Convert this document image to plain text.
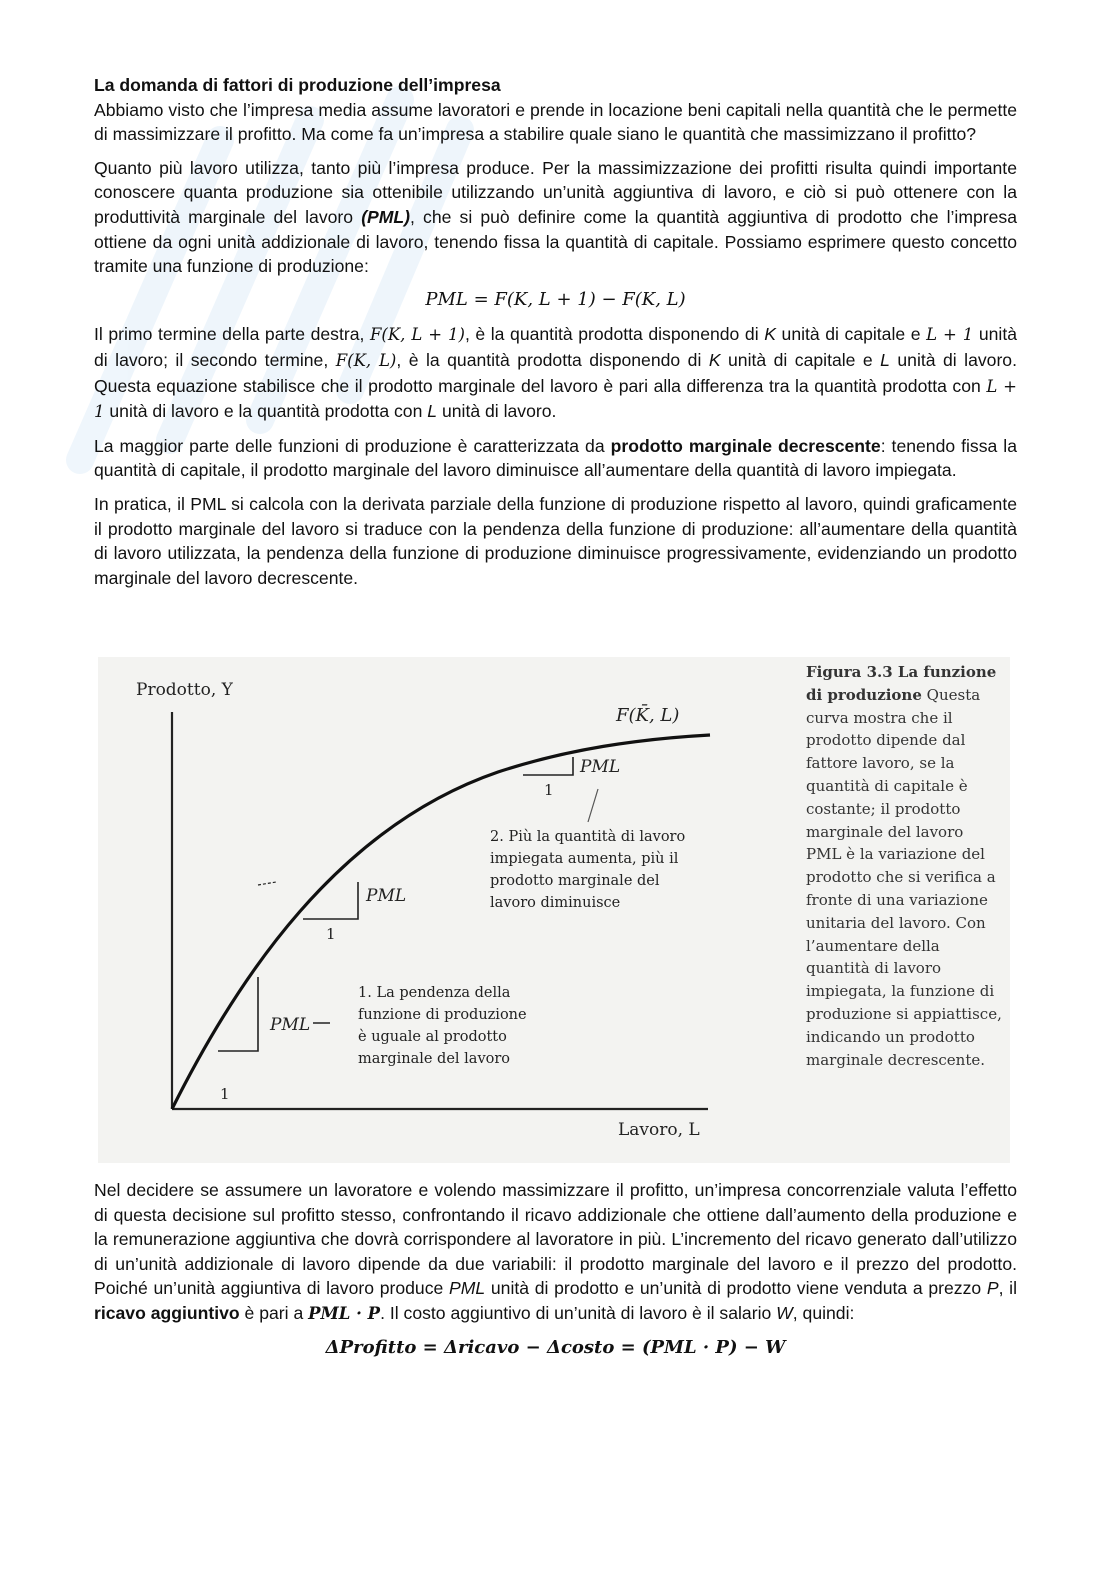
La domanda di fattori di produzione dell’impresa

Abbiamo visto che l’impresa media assume lavoratori e prende in locazione beni capitali nella quantità che le permette di massimizzare il profitto. Ma come fa un’impresa a stabilire quale siano le quantità che massimizzano il profitto?

Quanto più lavoro utilizza, tanto più l’impresa produce. Per la massimizzazione dei profitti risulta quindi importante conoscere quanta produzione sia ottenibile utilizzando un’unità aggiuntiva di lavoro, e ciò si può ottenere con la produttività marginale del lavoro (PML), che si può definire come la quantità aggiuntiva di prodotto che l’impresa ottiene da ogni unità addizionale di lavoro, tenendo fissa la quantità di capitale. Possiamo esprimere questo concetto tramite una funzione di produzione:

PML = F(K, L + 1) − F(K, L)

Il primo termine della parte destra, F(K, L + 1), è la quantità prodotta disponendo di K unità di capitale e L + 1 unità di lavoro; il secondo termine, F(K, L), è la quantità prodotta disponendo di K unità di capitale e L unità di lavoro. Questa equazione stabilisce che il prodotto marginale del lavoro è pari alla differenza tra la quantità prodotta con L + 1 unità di lavoro e la quantità prodotta con L unità di lavoro.

La maggior parte delle funzioni di produzione è caratterizzata da prodotto marginale decrescente: tenendo fissa la quantità di capitale, il prodotto marginale del lavoro diminuisce all’aumentare della quantità di lavoro impiegata.

In pratica, il PML si calcola con la derivata parziale della funzione di produzione rispetto al lavoro, quindi graficamente il prodotto marginale del lavoro si traduce con la pendenza della funzione di produzione: all’aumentare della quantità di lavoro utilizzata, la pendenza della funzione di produzione diminuisce progressivamente, evidenziando un prodotto marginale del lavoro decrescente.

Prodotto, Y
Lavoro, L
F(K̄, L)
PML
PML
PML
1
1
1
1. La pendenza della
funzione di produzione
è uguale al prodotto
marginale del lavoro
2. Più la quantità di lavoro
impiegata aumenta, più il
prodotto marginale del
lavoro diminuisce
Figura 3.3 La funzione di produzione Questa curva mostra che il prodotto dipende dal fattore lavoro, se la quantità di capitale è costante; il prodotto marginale del lavoro PML è la variazione del prodotto che si verifica a fronte di una variazione unitaria del lavoro. Con l’aumentare della quantità di lavoro impiegata, la funzione di produzione si appiattisce, indicando un prodotto marginale decrescente.

Nel decidere se assumere un lavoratore e volendo massimizzare il profitto, un’impresa concorrenziale valuta l’effetto di questa decisione sul profitto stesso, confrontando il ricavo addizionale che ottiene dall’aumento della produzione e la remunerazione aggiuntiva che dovrà corrispondere al lavoratore in più. L’incremento del ricavo generato dall’utilizzo di un’unità addizionale di lavoro dipende da due variabili: il prodotto marginale del lavoro e il prezzo del prodotto. Poiché un’unità aggiuntiva di lavoro produce PML unità di prodotto e un’unità di prodotto viene venduta a prezzo P, il ricavo aggiuntivo è pari a PML · P. Il costo aggiuntivo di un’unità di lavoro è il salario W, quindi:

ΔProfitto = Δricavo − Δcosto = (PML · P) − W
